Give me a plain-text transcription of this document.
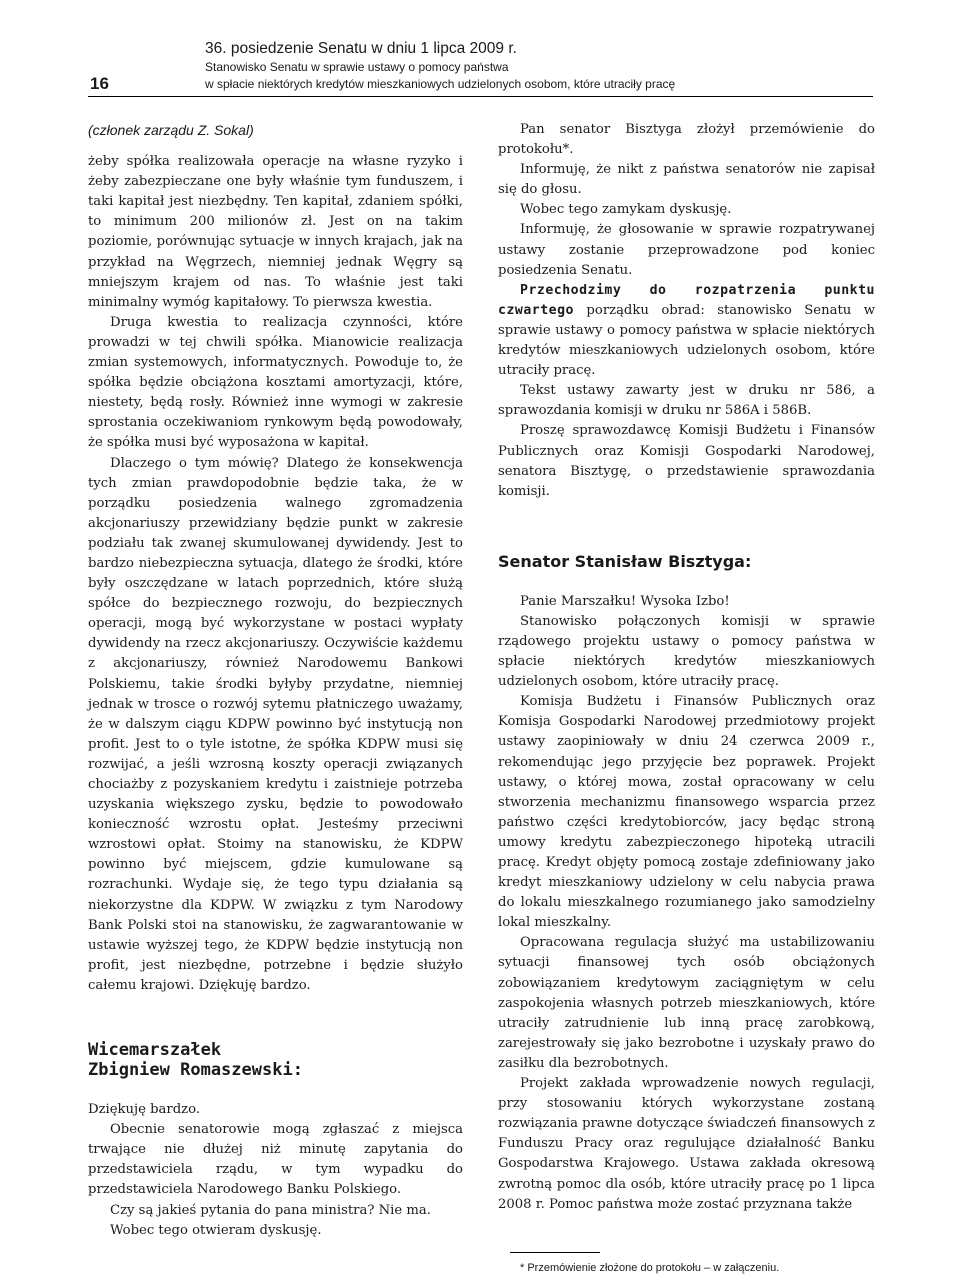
16
36. posiedzenie Senatu w dniu 1 lipca 2009 r.
Stanowisko Senatu w sprawie ustawy o pomocy państwa
w spłacie niektórych kredytów mieszkaniowych udzielonych osobom, które utraciły pracę
(członek zarządu Z. Sokal)

żeby spółka realizowała operacje na własne ryzyko i żeby zabezpieczane one były właśnie tym funduszem, i taki kapitał jest niezbędny. Ten kapitał, zdaniem spółki, to minimum 200 milionów zł. Jest on na takim poziomie, porównując sytuacje w innych krajach, jak na przykład na Węgrzech, niemniej jednak Węgry są mniejszym krajem od nas. To właśnie jest taki minimalny wymóg kapitałowy. To pierwsza kwestia.

Druga kwestia to realizacja czynności, które prowadzi w tej chwili spółka. Mianowicie realizacja zmian systemowych, informatycznych. Powoduje to, że spółka będzie obciążona kosztami amortyzacji, które, niestety, będą rosły. Również inne wymogi w zakresie sprostania oczekiwaniom rynkowym będą powodowały, że spółka musi być wyposażona w kapitał.

Dlaczego o tym mówię? Dlatego że konsekwencja tych zmian prawdopodobnie będzie taka, że w porządku posiedzenia walnego zgromadzenia akcjonariuszy przewidziany będzie punkt w zakresie podziału tak zwanej skumulowanej dywidendy. Jest to bardzo niebezpieczna sytuacja, dlatego że środki, które były oszczędzane w latach poprzednich, które służą spółce do bezpiecznego rozwoju, do bezpiecznych operacji, mogą być wykorzystane w postaci wypłaty dywidendy na rzecz akcjonariuszy. Oczywiście każdemu z akcjonariuszy, również Narodowemu Bankowi Polskiemu, takie środki byłyby przydatne, niemniej jednak w trosce o rozwój sytemu płatniczego uważamy, że w dalszym ciągu KDPW powinno być instytucją non profit. Jest to o tyle istotne, że spółka KDPW musi się rozwijać, a jeśli wzrosną koszty operacji związanych chociażby z pozyskaniem kredytu i zaistnieje potrzeba uzyskania większego zysku, będzie to powodowało konieczność wzrostu opłat. Jesteśmy przeciwni wzrostowi opłat. Stoimy na stanowisku, że KDPW powinno być miejscem, gdzie kumulowane są rozrachunki. Wydaje się, że tego typu działania są niekorzystne dla KDPW. W związku z tym Narodowy Bank Polski stoi na stanowisku, że zagwarantowanie w ustawie wyższej tego, że KDPW będzie instytucją non profit, jest niezbędne, potrzebne i będzie służyło całemu krajowi. Dziękuję bardzo.

Wicemarszałek
Zbigniew Romaszewski:

Dziękuję bardzo.

Obecnie senatorowie mogą zgłaszać z miejsca trwające nie dłużej niż minutę zapytania do przedstawiciela rządu, w tym wypadku do przedstawiciela Narodowego Banku Polskiego.

Czy są jakieś pytania do pana ministra? Nie ma.

Wobec tego otwieram dyskusję.

Pan senator Bisztyga złożył przemówienie do protokołu*.

Informuję, że nikt z państwa senatorów nie zapisał się do głosu.

Wobec tego zamykam dyskusję.

Informuję, że głosowanie w sprawie rozpatrywanej ustawy zostanie przeprowadzone pod koniec posiedzenia Senatu.

Przechodzimy do rozpatrzenia punktu czwartego porządku obrad: stanowisko Senatu w sprawie ustawy o pomocy państwa w spłacie niektórych kredytów mieszkaniowych udzielonych osobom, które utraciły pracę.

Tekst ustawy zawarty jest w druku nr 586, a sprawozdania komisji w druku nr 586A i 586B.

Proszę sprawozdawcę Komisji Budżetu i Finansów Publicznych oraz Komisji Gospodarki Narodowej, senatora Bisztygę, o przedstawienie sprawozdania komisji.

Senator Stanisław Bisztyga:

Panie Marszałku! Wysoka Izbo!

Stanowisko połączonych komisji w sprawie rządowego projektu ustawy o pomocy państwa w spłacie niektórych kredytów mieszkaniowych udzielonych osobom, które utraciły pracę.

Komisja Budżetu i Finansów Publicznych oraz Komisja Gospodarki Narodowej przedmiotowy projekt ustawy zaopiniowały w dniu 24 czerwca 2009 r., rekomendując jego przyjęcie bez poprawek. Projekt ustawy, o której mowa, został opracowany w celu stworzenia mechanizmu finansowego wsparcia przez państwo części kredytobiorców, jacy będąc stroną umowy kredytu zabezpieczonego hipoteką utracili pracę. Kredyt objęty pomocą zostaje zdefiniowany jako kredyt mieszkaniowy udzielony w celu nabycia prawa do lokalu mieszkalnego rozumianego jako samodzielny lokal mieszkalny.

Opracowana regulacja służyć ma ustabilizowaniu sytuacji finansowej tych osób obciążonych zobowiązaniem kredytowym zaciągniętym w celu zaspokojenia własnych potrzeb mieszkaniowych, które utraciły zatrudnienie lub inną pracę zarobkową, zarejestrowały się jako bezrobotne i uzyskały prawo do zasiłku dla bezrobotnych.

Projekt zakłada wprowadzenie nowych regulacji, przy stosowaniu których wykorzystane zostaną rozwiązania prawne dotyczące świadczeń finansowych z Funduszu Pracy oraz regulujące działalność Banku Gospodarstwa Krajowego. Ustawa zakłada okresową zwrotną pomoc dla osób, które utraciły pracę po 1 lipca 2008 r. Pomoc państwa może zostać przyznana także

* Przemówienie złożone do protokołu – w załączeniu.
